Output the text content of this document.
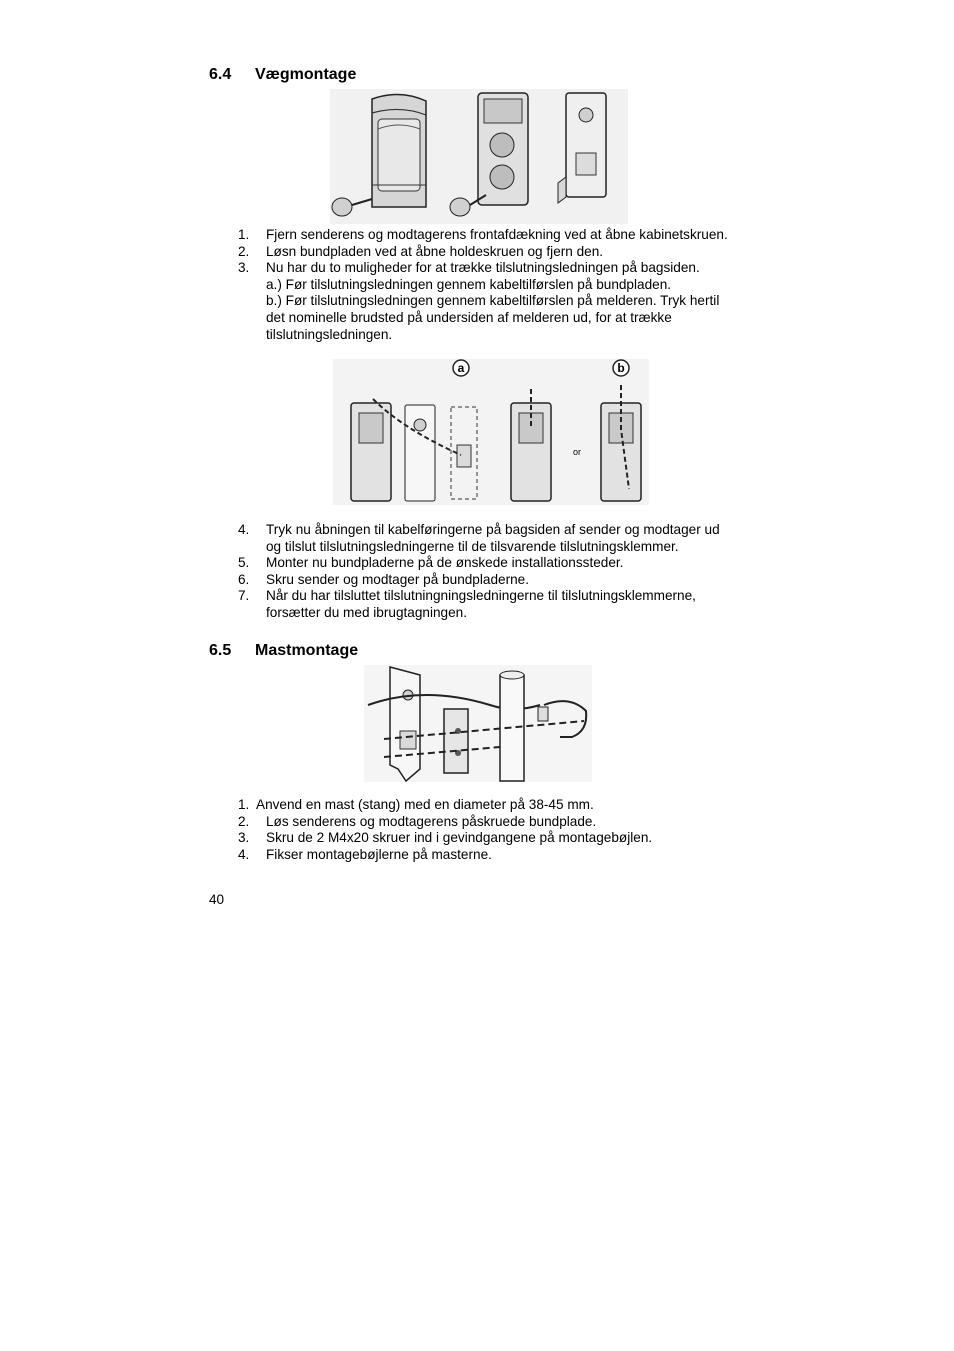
6.4 Vægmontage
1. Fjern senderens og modtagerens frontafdækning ved at åbne kabinetskruen.
2. Løsn bundpladen ved at åbne holdeskruen og fjern den.
3. Nu har du to muligheder for at trække tilslutningsledningen på bagsiden.
a.) Før tilslutningsledningen gennem kabeltilførslen på bundpladen.
b.) Før tilslutningsledningen gennem kabeltilførslen på melderen. Tryk hertil det nominelle brudsted på undersiden af melderen ud, for at trække tilslutningsledningen.
a
or
b
4. Tryk nu åbningen til kabelføringerne på bagsiden af sender og modtager ud og tilslut tilslutningsledningerne til de tilsvarende tilslutningsklemmer.
5. Monter nu bundpladerne på de ønskede installationssteder.
6. Skru sender og modtager på bundpladerne.
7. Når du har tilsluttet tilslutningningsledningerne til tilslutningsklemmerne, forsætter du med ibrugtagningen.
6.5 Mastmontage
1. Anvend en mast (stang) med en diameter på 38-45 mm.
2. Løs senderens og modtagerens påskruede bundplade.
3. Skru de 2 M4x20 skruer ind i gevindgangene på montagebøjlen.
4. Fikser montagebøjlerne på masterne.
40
